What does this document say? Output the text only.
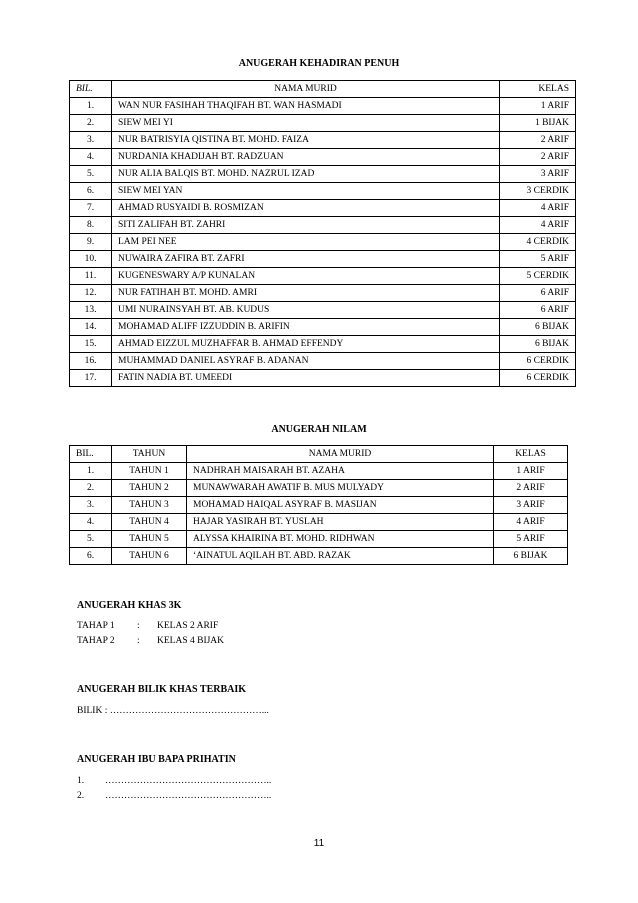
ANUGERAH KEHADIRAN PENUH
BIL.	NAMA MURID	KELAS
1.	WAN NUR FASIHAH THAQIFAH BT. WAN HASMADI	1 ARIF
2.	SIEW MEI YI	1 BIJAK
3.	NUR BATRISYIA QISTINA BT. MOHD. FAIZA	2 ARIF
4.	NURDANIA KHADIJAH BT. RADZUAN	2 ARIF
5.	NUR ALIA BALQIS BT. MOHD. NAZRUL IZAD	3 ARIF
6.	SIEW MEI YAN	3 CERDIK
7.	AHMAD RUSYAIDI B. ROSMIZAN	4 ARIF
8.	SITI ZALIFAH BT. ZAHRI	4 ARIF
9.	LAM PEI NEE	4 CERDIK
10.	NUWAIRA ZAFIRA BT. ZAFRI	5 ARIF
11.	KUGENESWARY A/P KUNALAN	5 CERDIK
12.	NUR FATIHAH BT. MOHD. AMRI	6 ARIF
13.	UMI NURAINSYAH BT. AB. KUDUS	6 ARIF
14.	MOHAMAD ALIFF IZZUDDIN B. ARIFIN	6 BIJAK
15.	AHMAD EIZZUL MUZHAFFAR B. AHMAD EFFENDY	6 BIJAK
16.	MUHAMMAD DANIEL ASYRAF B. ADANAN	6 CERDIK
17.	FATIN NADIA BT. UMEEDI	6 CERDIK
ANUGERAH NILAM
BIL.	TAHUN	NAMA MURID	KELAS
1.	TAHUN 1	NADHRAH MAISARAH BT. AZAHA	1 ARIF
2.	TAHUN 2	MUNAWWARAH AWATIF B. MUS MULYADY	2 ARIF
3.	TAHUN 3	MOHAMAD HAIQAL ASYRAF B. MASIJAN	3 ARIF
4.	TAHUN 4	HAJAR YASIRAH BT. YUSLAH	4 ARIF
5.	TAHUN 5	ALYSSA KHAIRINA BT. MOHD. RIDHWAN	5 ARIF
6.	TAHUN 6	‘AINATUL AQILAH BT. ABD. RAZAK	6 BIJAK
ANUGERAH KHAS 3K
TAHAP 1 : KELAS 2 ARIF
TAHAP 2 : KELAS 4 BIJAK
ANUGERAH BILIK KHAS TERBAIK
BILIK : …………………………………………...
ANUGERAH IBU BAPA PRIHATIN
1. ……………………………………………..
2. ……………………………………………..
11
